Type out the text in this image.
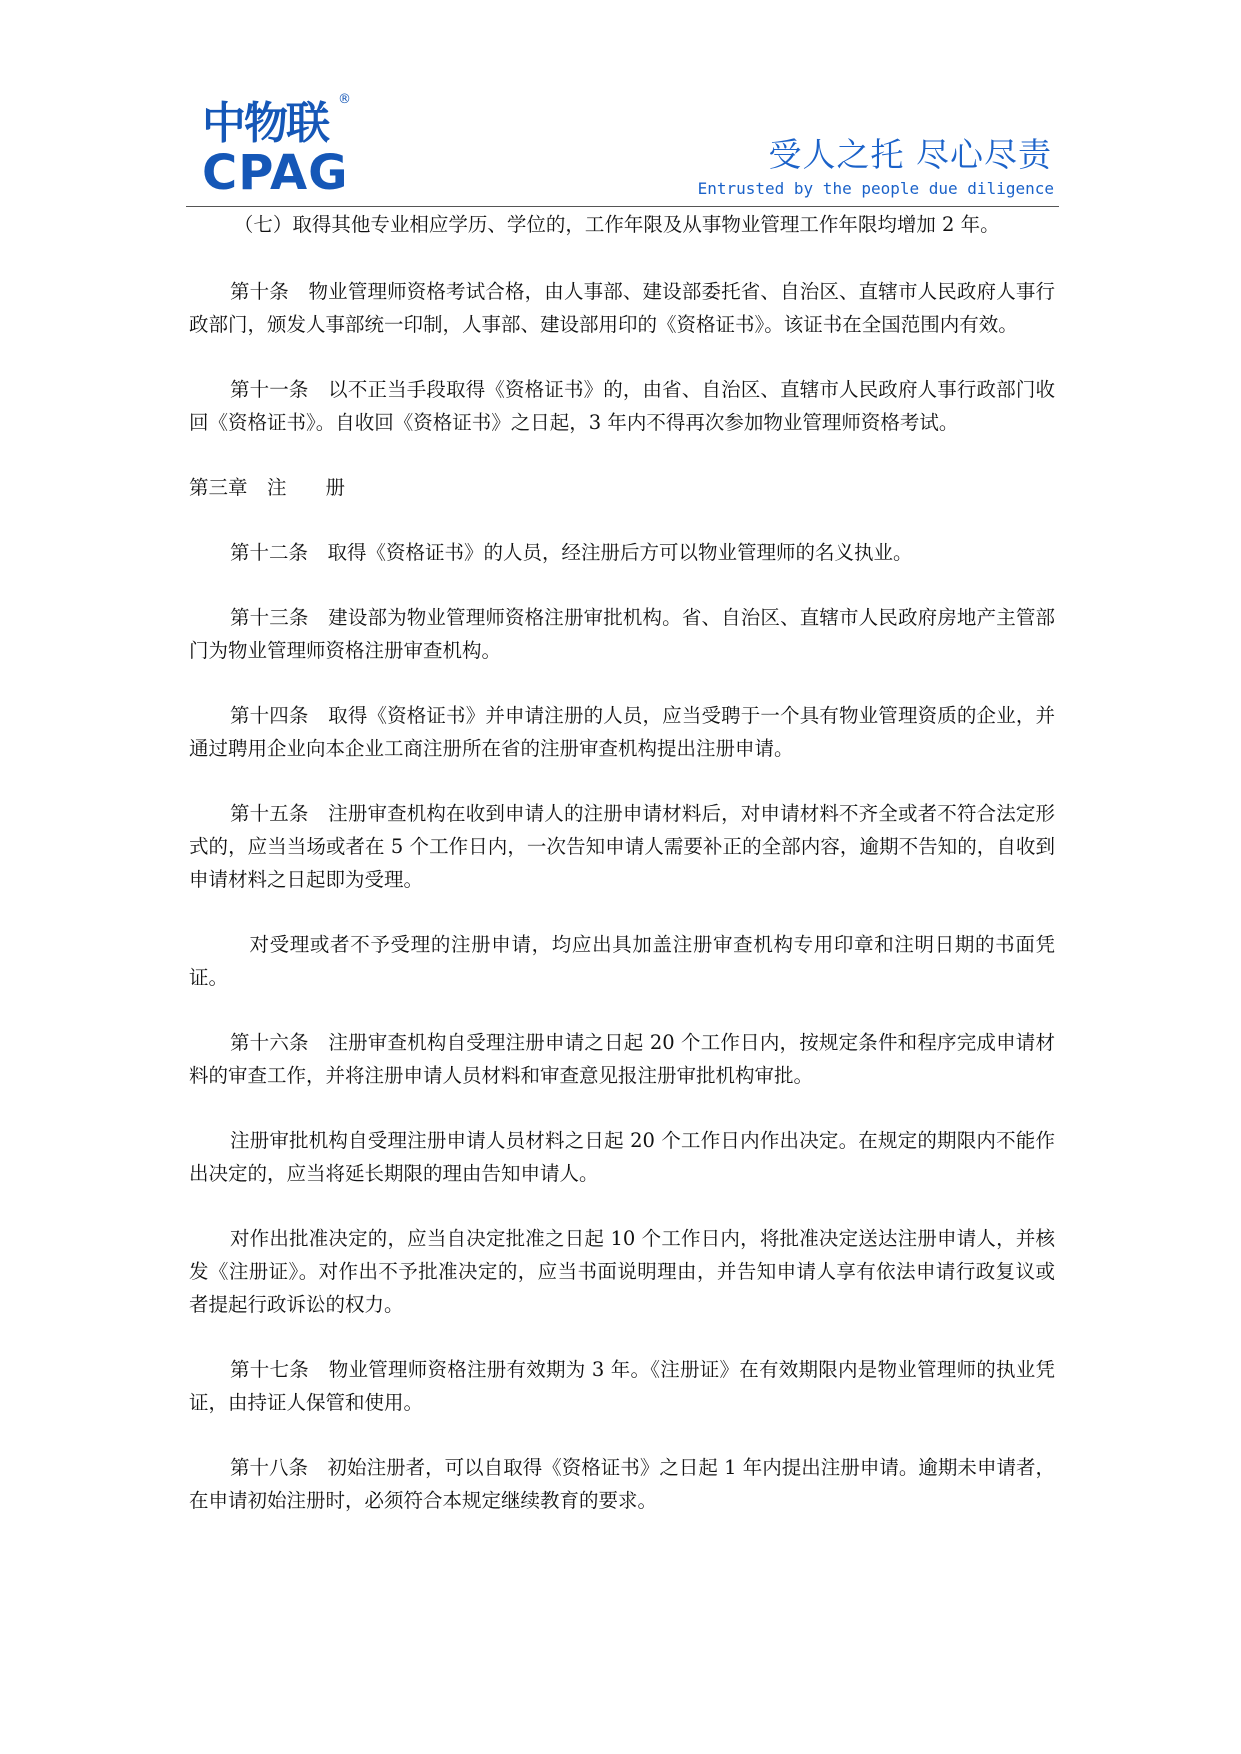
中物联 ®
CPAG	受人之托 尽心尽责
Entrusted by the people due diligence

（七）取得其他专业相应学历、学位的，工作年限及从事物业管理工作年限均增加 2 年。

第十条　物业管理师资格考试合格，由人事部、建设部委托省、自治区、直辖市人民政府人事行政部门，颁发人事部统一印制，人事部、建设部用印的《资格证书》。该证书在全国范围内有效。

第十一条　以不正当手段取得《资格证书》的，由省、自治区、直辖市人民政府人事行政部门收回《资格证书》。自收回《资格证书》之日起，3 年内不得再次参加物业管理师资格考试。

第三章　注　　册

第十二条　取得《资格证书》的人员，经注册后方可以物业管理师的名义执业。

第十三条　建设部为物业管理师资格注册审批机构。省、自治区、直辖市人民政府房地产主管部门为物业管理师资格注册审查机构。

第十四条　取得《资格证书》并申请注册的人员，应当受聘于一个具有物业管理资质的企业，并通过聘用企业向本企业工商注册所在省的注册审查机构提出注册申请。

第十五条　注册审查机构在收到申请人的注册申请材料后，对申请材料不齐全或者不符合法定形式的，应当当场或者在 5 个工作日内，一次告知申请人需要补正的全部内容，逾期不告知的，自收到申请材料之日起即为受理。

对受理或者不予受理的注册申请，均应出具加盖注册审查机构专用印章和注明日期的书面凭证。

第十六条　注册审查机构自受理注册申请之日起 20 个工作日内，按规定条件和程序完成申请材料的审查工作，并将注册申请人员材料和审查意见报注册审批机构审批。

注册审批机构自受理注册申请人员材料之日起 20 个工作日内作出决定。在规定的期限内不能作出决定的，应当将延长期限的理由告知申请人。

对作出批准决定的，应当自决定批准之日起 10 个工作日内，将批准决定送达注册申请人，并核发《注册证》。对作出不予批准决定的，应当书面说明理由，并告知申请人享有依法申请行政复议或者提起行政诉讼的权力。

第十七条　物业管理师资格注册有效期为 3 年。《注册证》在有效期限内是物业管理师的执业凭证，由持证人保管和使用。

第十八条　初始注册者，可以自取得《资格证书》之日起 1 年内提出注册申请。逾期未申请者，在申请初始注册时，必须符合本规定继续教育的要求。
